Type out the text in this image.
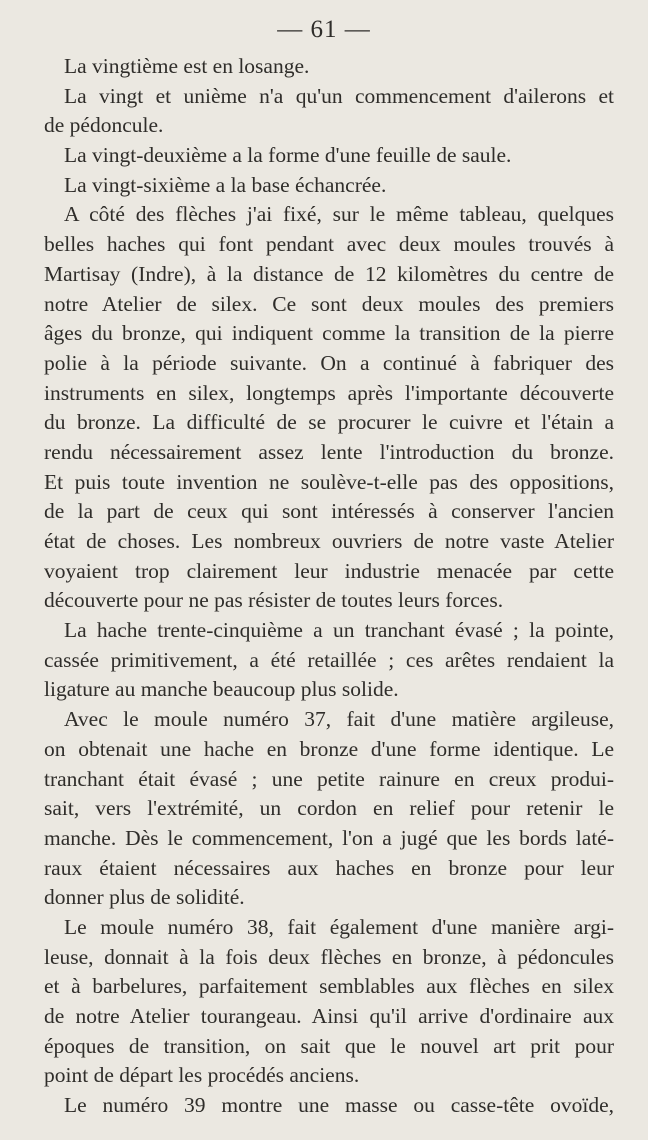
— 61 —
La vingtième est en losange.
La vingt et unième n'a qu'un commencement d'ailerons et
de pédoncule.
La vingt-deuxième a la forme d'une feuille de saule.
La vingt-sixième a la base échancrée.
A côté des flèches j'ai fixé, sur le même tableau, quelques
belles haches qui font pendant avec deux moules trouvés à
Martisay (Indre), à la distance de 12 kilomètres du centre de
notre Atelier de silex. Ce sont deux moules des premiers
âges du bronze, qui indiquent comme la transition de la pierre
polie à la période suivante. On a continué à fabriquer des
instruments en silex, longtemps après l'importante découverte
du bronze. La difficulté de se procurer le cuivre et l'étain a
rendu nécessairement assez lente l'introduction du bronze.
Et puis toute invention ne soulève-t-elle pas des oppositions,
de la part de ceux qui sont intéressés à conserver l'ancien
état de choses. Les nombreux ouvriers de notre vaste Atelier
voyaient trop clairement leur industrie menacée par cette
découverte pour ne pas résister de toutes leurs forces.
La hache trente-cinquième a un tranchant évasé ; la pointe,
cassée primitivement, a été retaillée ; ces arêtes rendaient la
ligature au manche beaucoup plus solide.
Avec le moule numéro 37, fait d'une matière argileuse,
on obtenait une hache en bronze d'une forme identique. Le
tranchant était évasé ; une petite rainure en creux produi-
sait, vers l'extrémité, un cordon en relief pour retenir le
manche. Dès le commencement, l'on a jugé que les bords laté-
raux étaient nécessaires aux haches en bronze pour leur
donner plus de solidité.
Le moule numéro 38, fait également d'une manière argi-
leuse, donnait à la fois deux flèches en bronze, à pédoncules
et à barbelures, parfaitement semblables aux flèches en silex
de notre Atelier tourangeau. Ainsi qu'il arrive d'ordinaire aux
époques de transition, on sait que le nouvel art prit pour
point de départ les procédés anciens.
Le numéro 39 montre une masse ou casse-tête ovoïde,
